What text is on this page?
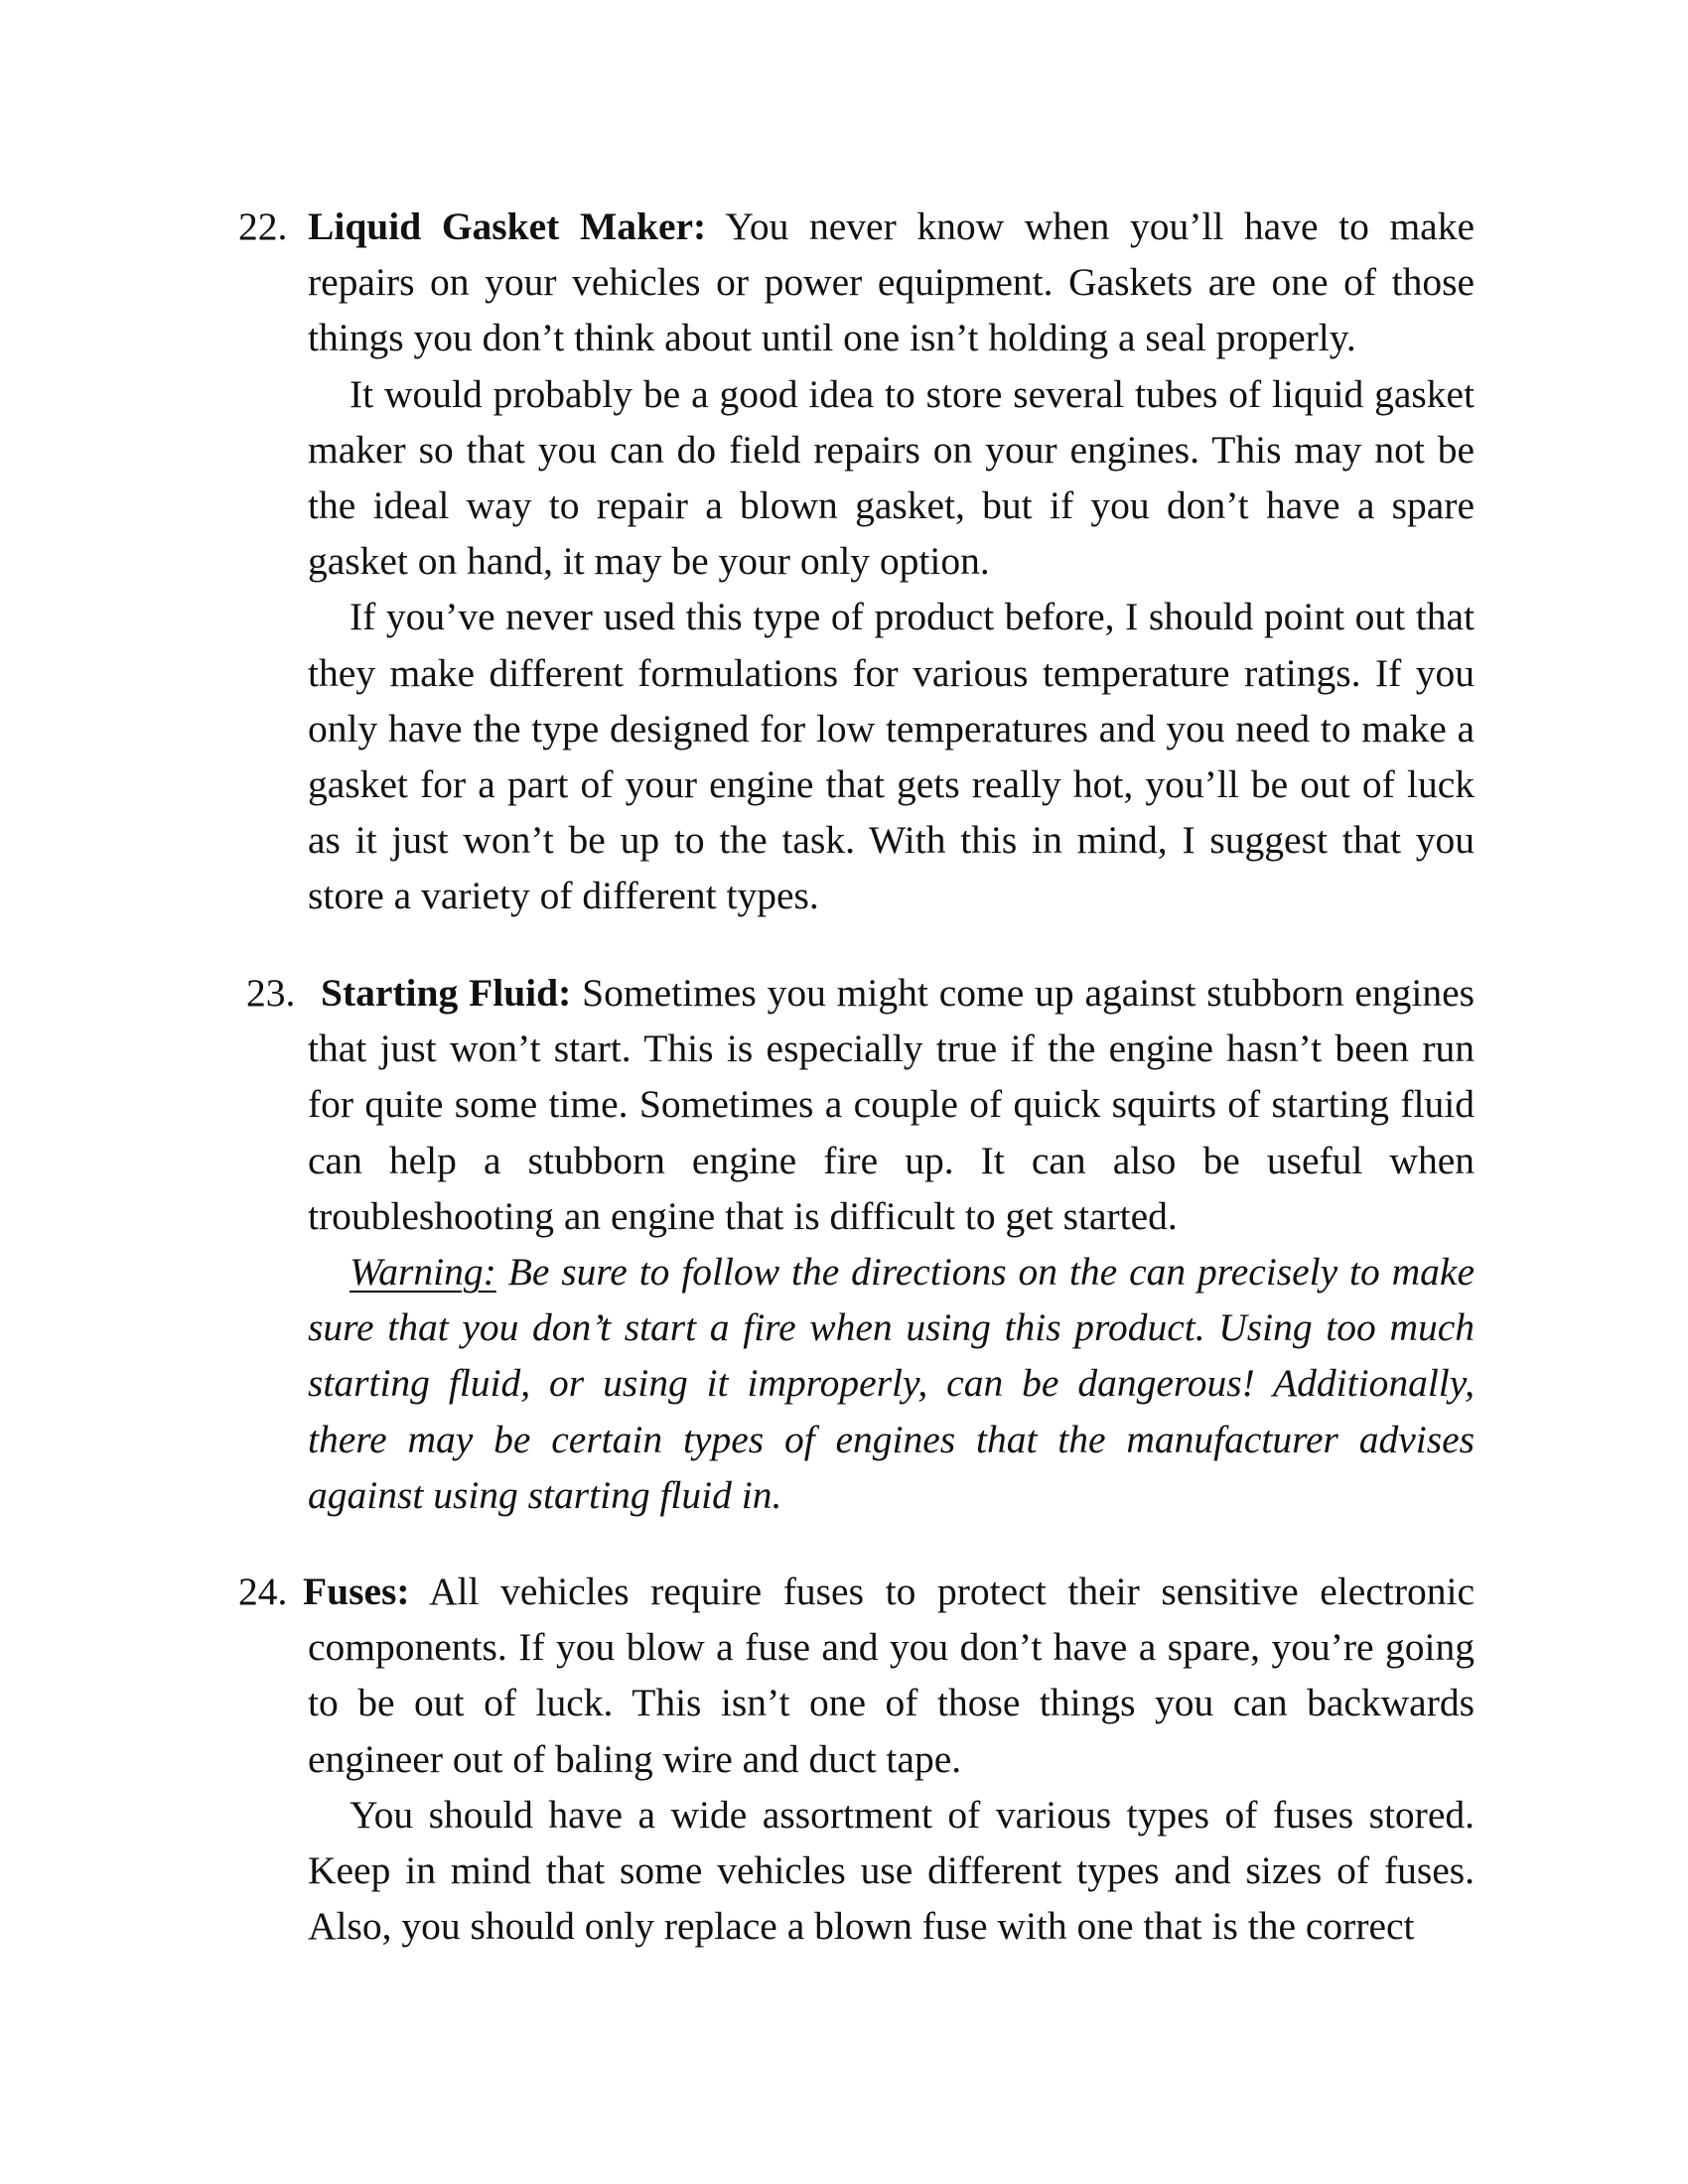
22. Liquid Gasket Maker: You never know when you’ll have to make repairs on your vehicles or power equipment. Gaskets are one of those things you don’t think about until one isn’t holding a seal properly.

It would probably be a good idea to store several tubes of liquid gasket maker so that you can do field repairs on your engines. This may not be the ideal way to repair a blown gasket, but if you don’t have a spare gasket on hand, it may be your only option.

If you’ve never used this type of product before, I should point out that they make different formulations for various temperature ratings. If you only have the type designed for low temperatures and you need to make a gasket for a part of your engine that gets really hot, you’ll be out of luck as it just won’t be up to the task. With this in mind, I suggest that you store a variety of different types.

23. Starting Fluid: Sometimes you might come up against stubborn engines that just won’t start. This is especially true if the engine hasn’t been run for quite some time. Sometimes a couple of quick squirts of starting fluid can help a stubborn engine fire up. It can also be useful when troubleshooting an engine that is difficult to get started.

Warning: Be sure to follow the directions on the can precisely to make sure that you don’t start a fire when using this product. Using too much starting fluid, or using it improperly, can be dangerous! Additionally, there may be certain types of engines that the manufacturer advises against using starting fluid in.

24. Fuses: All vehicles require fuses to protect their sensitive electronic components. If you blow a fuse and you don’t have a spare, you’re going to be out of luck. This isn’t one of those things you can backwards engineer out of baling wire and duct tape.

You should have a wide assortment of various types of fuses stored. Keep in mind that some vehicles use different types and sizes of fuses. Also, you should only replace a blown fuse with one that is the correct
